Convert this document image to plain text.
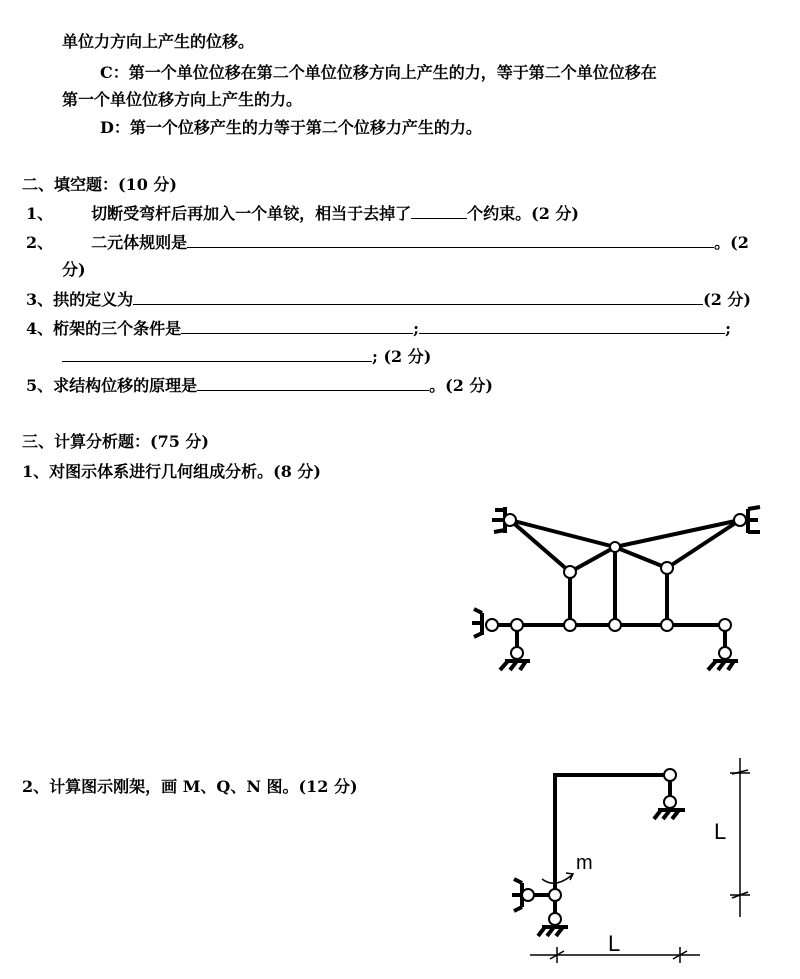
单位力方向上产生的位移。
C：第一个单位位移在第二个单位位移方向上产生的力，等于第二个单位位移在
第一个单位位移方向上产生的力。
D：第一个位移产生的力等于第二个位移力产生的力。
二、填空题：(10 分)
1、 切断受弯杆后再加入一个单铰，相当于去掉了	个约束。(2 分)
2、 二元体规则是	。(2
分)
3、拱的定义为	(2 分)
4、桁架的三个条件是	;	;
; (2 分)
5、求结构位移的原理是	。(2 分)
三、计算分析题：(75 分)
1、对图示体系进行几何组成分析。(8 分)
2、计算图示刚架，画 M、Q、N 图。(12 分)
m
L
L
